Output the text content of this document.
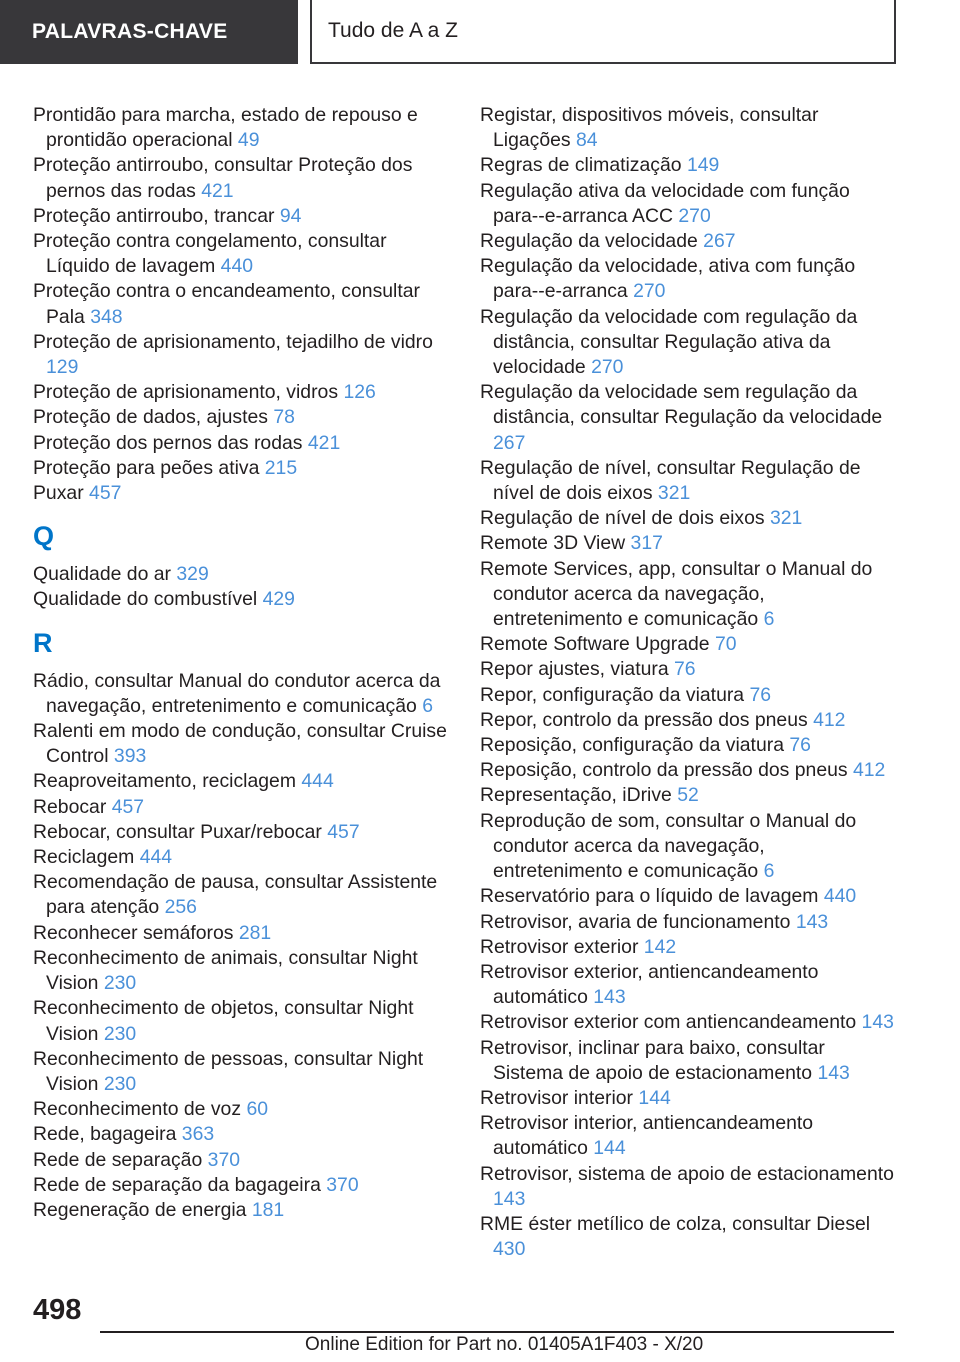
PALAVRAS-CHAVE	Tudo de A a Z
Prontidão para marcha, estado de repouso e prontidão operacional 49
Proteção antirroubo, consultar Proteção dos pernos das rodas 421
Proteção antirroubo, trancar 94
Proteção contra congelamento, consultar Líquido de lavagem 440
Proteção contra o encandeamento, consultar Pala 348
Proteção de aprisionamento, tejadilho de vidro 129
Proteção de aprisionamento, vidros 126
Proteção de dados, ajustes 78
Proteção dos pernos das rodas 421
Proteção para peões ativa 215
Puxar 457
Q
Qualidade do ar 329
Qualidade do combustível 429
R
Rádio, consultar Manual do condutor acerca da navegação, entretenimento e comunicação 6
Ralenti em modo de condução, consultar Cruise Control 393
Reaproveitamento, reciclagem 444
Rebocar 457
Rebocar, consultar Puxar/rebocar 457
Reciclagem 444
Recomendação de pausa, consultar Assistente para atenção 256
Reconhecer semáforos 281
Reconhecimento de animais, consultar Night Vision 230
Reconhecimento de objetos, consultar Night Vision 230
Reconhecimento de pessoas, consultar Night Vision 230
Reconhecimento de voz 60
Rede, bagageira 363
Rede de separação 370
Rede de separação da bagageira 370
Regeneração de energia 181
Registar, dispositivos móveis, consultar Ligações 84
Regras de climatização 149
Regulação ativa da velocidade com função para--e-arranca ACC 270
Regulação da velocidade 267
Regulação da velocidade, ativa com função para--e-arranca 270
Regulação da velocidade com regulação da distância, consultar Regulação ativa da velocidade 270
Regulação da velocidade sem regulação da distância, consultar Regulação da velocidade 267
Regulação de nível, consultar Regulação de nível de dois eixos 321
Regulação de nível de dois eixos 321
Remote 3D View 317
Remote Services, app, consultar o Manual do condutor acerca da navegação, entretenimento e comunicação 6
Remote Software Upgrade 70
Repor ajustes, viatura 76
Repor, configuração da viatura 76
Repor, controlo da pressão dos pneus 412
Reposição, configuração da viatura 76
Reposição, controlo da pressão dos pneus 412
Representação, iDrive 52
Reprodução de som, consultar o Manual do condutor acerca da navegação, entretenimento e comunicação 6
Reservatório para o líquido de lavagem 440
Retrovisor, avaria de funcionamento 143
Retrovisor exterior 142
Retrovisor exterior, antiencandeamento automático 143
Retrovisor exterior com antiencandeamento 143
Retrovisor, inclinar para baixo, consultar Sistema de apoio de estacionamento 143
Retrovisor interior 144
Retrovisor interior, antiencandeamento automático 144
Retrovisor, sistema de apoio de estacionamento 143
RME éster metílico de colza, consultar Diesel 430
498
Online Edition for Part no. 01405A1F403 - X/20
